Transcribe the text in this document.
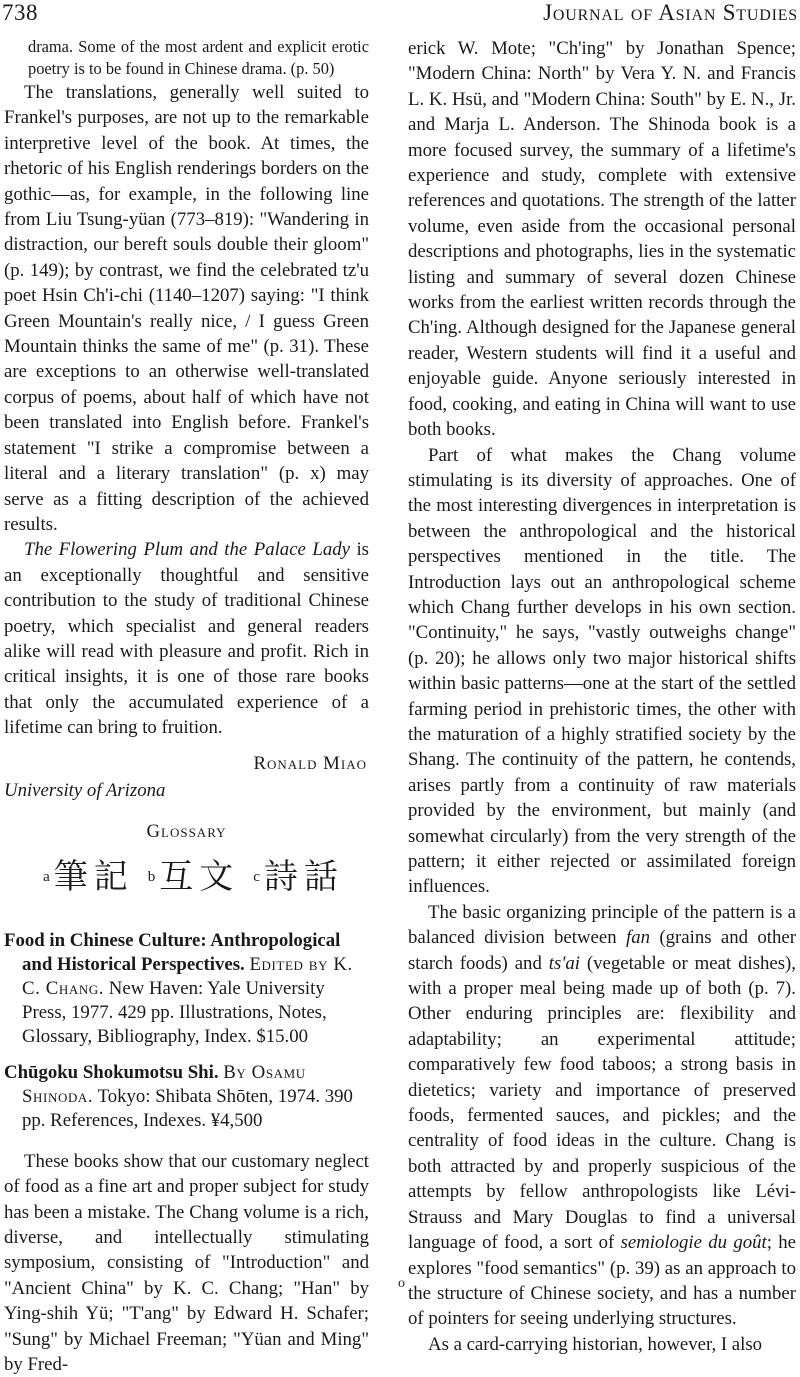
738	Journal of Asian Studies

drama. Some of the most ardent and explicit erotic poetry is to be found in Chinese drama. (p. 50)

The translations, generally well suited to Frankel's purposes, are not up to the remarkable interpretive level of the book. At times, the rhetoric of his English renderings borders on the gothic—as, for example, in the following line from Liu Tsung-yüan (773–819): "Wandering in distraction, our bereft souls double their gloom" (p. 149); by contrast, we find the celebrated tz'u poet Hsin Ch'i-chi (1140–1207) saying: "I think Green Mountain's really nice, / I guess Green Mountain thinks the same of me" (p. 31). These are exceptions to an otherwise well-translated corpus of poems, about half of which have not been translated into English before. Frankel's statement "I strike a compromise between a literal and a literary translation" (p. x) may serve as a fitting description of the achieved results.

The Flowering Plum and the Palace Lady is an exceptionally thoughtful and sensitive contribution to the study of traditional Chinese poetry, which specialist and general readers alike will read with pleasure and profit. Rich in critical insights, it is one of those rare books that only the accumulated experience of a lifetime can bring to fruition.

Ronald Miao
University of Arizona
Glossary
a 筆記 b 互文 c 詩話

Food in Chinese Culture: Anthropological and Historical Perspectives. Edited by K. C. Chang. New Haven: Yale University Press, 1977. 429 pp. Illustrations, Notes, Glossary, Bibliography, Index. $15.00

Chūgoku Shokumotsu Shi. By Osamu Shinoda. Tokyo: Shibata Shōten, 1974. 390 pp. References, Indexes. ¥4,500

These books show that our customary neglect of food as a fine art and proper subject for study has been a mistake. The Chang volume is a rich, diverse, and intellectually stimulating symposium, consisting of "Introduction" and "Ancient China" by K. C. Chang; "Han" by Ying-shih Yü; "T'ang" by Edward H. Schafer; "Sung" by Michael Freeman; "Yüan and Ming" by Fred-

erick W. Mote; "Ch'ing" by Jonathan Spence; "Modern China: North" by Vera Y. N. and Francis L. K. Hsü, and "Modern China: South" by E. N., Jr. and Marja L. Anderson. The Shinoda book is a more focused survey, the summary of a lifetime's experience and study, complete with extensive references and quotations. The strength of the latter volume, even aside from the occasional personal descriptions and photographs, lies in the systematic listing and summary of several dozen Chinese works from the earliest written records through the Ch'ing. Although designed for the Japanese general reader, Western students will find it a useful and enjoyable guide. Anyone seriously interested in food, cooking, and eating in China will want to use both books.

Part of what makes the Chang volume stimulating is its diversity of approaches. One of the most interesting divergences in interpretation is between the anthropological and the historical perspectives mentioned in the title. The Introduction lays out an anthropological scheme which Chang further develops in his own section. "Continuity," he says, "vastly outweighs change" (p. 20); he allows only two major historical shifts within basic patterns—one at the start of the settled farming period in prehistoric times, the other with the maturation of a highly stratified society by the Shang. The continuity of the pattern, he contends, arises partly from a continuity of raw materials provided by the environment, but mainly (and somewhat circularly) from the very strength of the pattern; it either rejected or assimilated foreign influences.

The basic organizing principle of the pattern is a balanced division between fan (grains and other starch foods) and ts'ai (vegetable or meat dishes), with a proper meal being made up of both (p. 7). Other enduring principles are: flexibility and adaptability; an experimental attitude; comparatively few food taboos; a strong basis in dietetics; variety and importance of preserved foods, fermented sauces, and pickles; and the centrality of food ideas in the culture. Chang is both attracted by and properly suspicious of the attempts by fellow anthropologists like Lévi-Strauss and Mary Douglas to find a universal language of food, a sort of semiologie du goût; he explores "food semantics" (p. 39) as an approach to the structure of Chinese society, and has a number of pointers for seeing underlying structures.

As a card-carrying historian, however, I also

o
